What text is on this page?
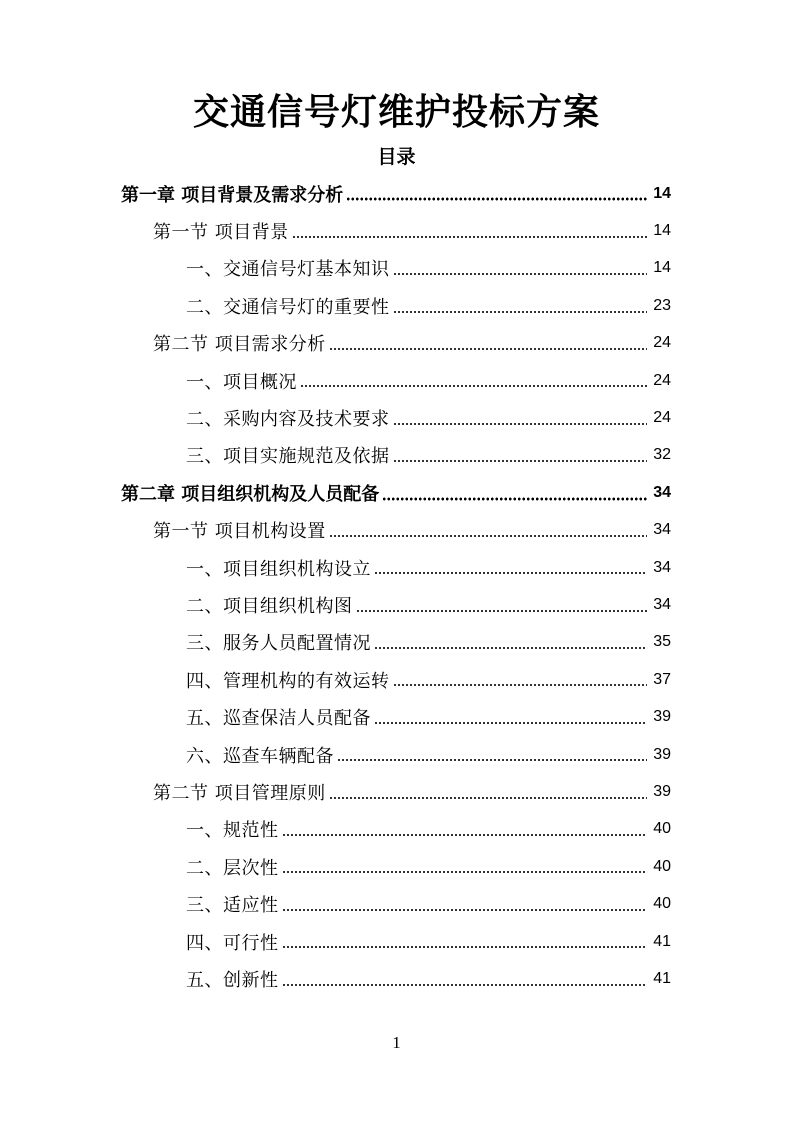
交通信号灯维护投标方案
目录
第一章 项目背景及需求分析	14
第一节 项目背景	14
一、交通信号灯基本知识	14
二、交通信号灯的重要性	23
第二节 项目需求分析	24
一、项目概况	24
二、采购内容及技术要求	24
三、项目实施规范及依据	32
第二章 项目组织机构及人员配备	34
第一节 项目机构设置	34
一、项目组织机构设立	34
二、项目组织机构图	34
三、服务人员配置情况	35
四、管理机构的有效运转	37
五、巡查保洁人员配备	39
六、巡查车辆配备	39
第二节 项目管理原则	39
一、规范性	40
二、层次性	40
三、适应性	40
四、可行性	41
五、创新性	41
1
